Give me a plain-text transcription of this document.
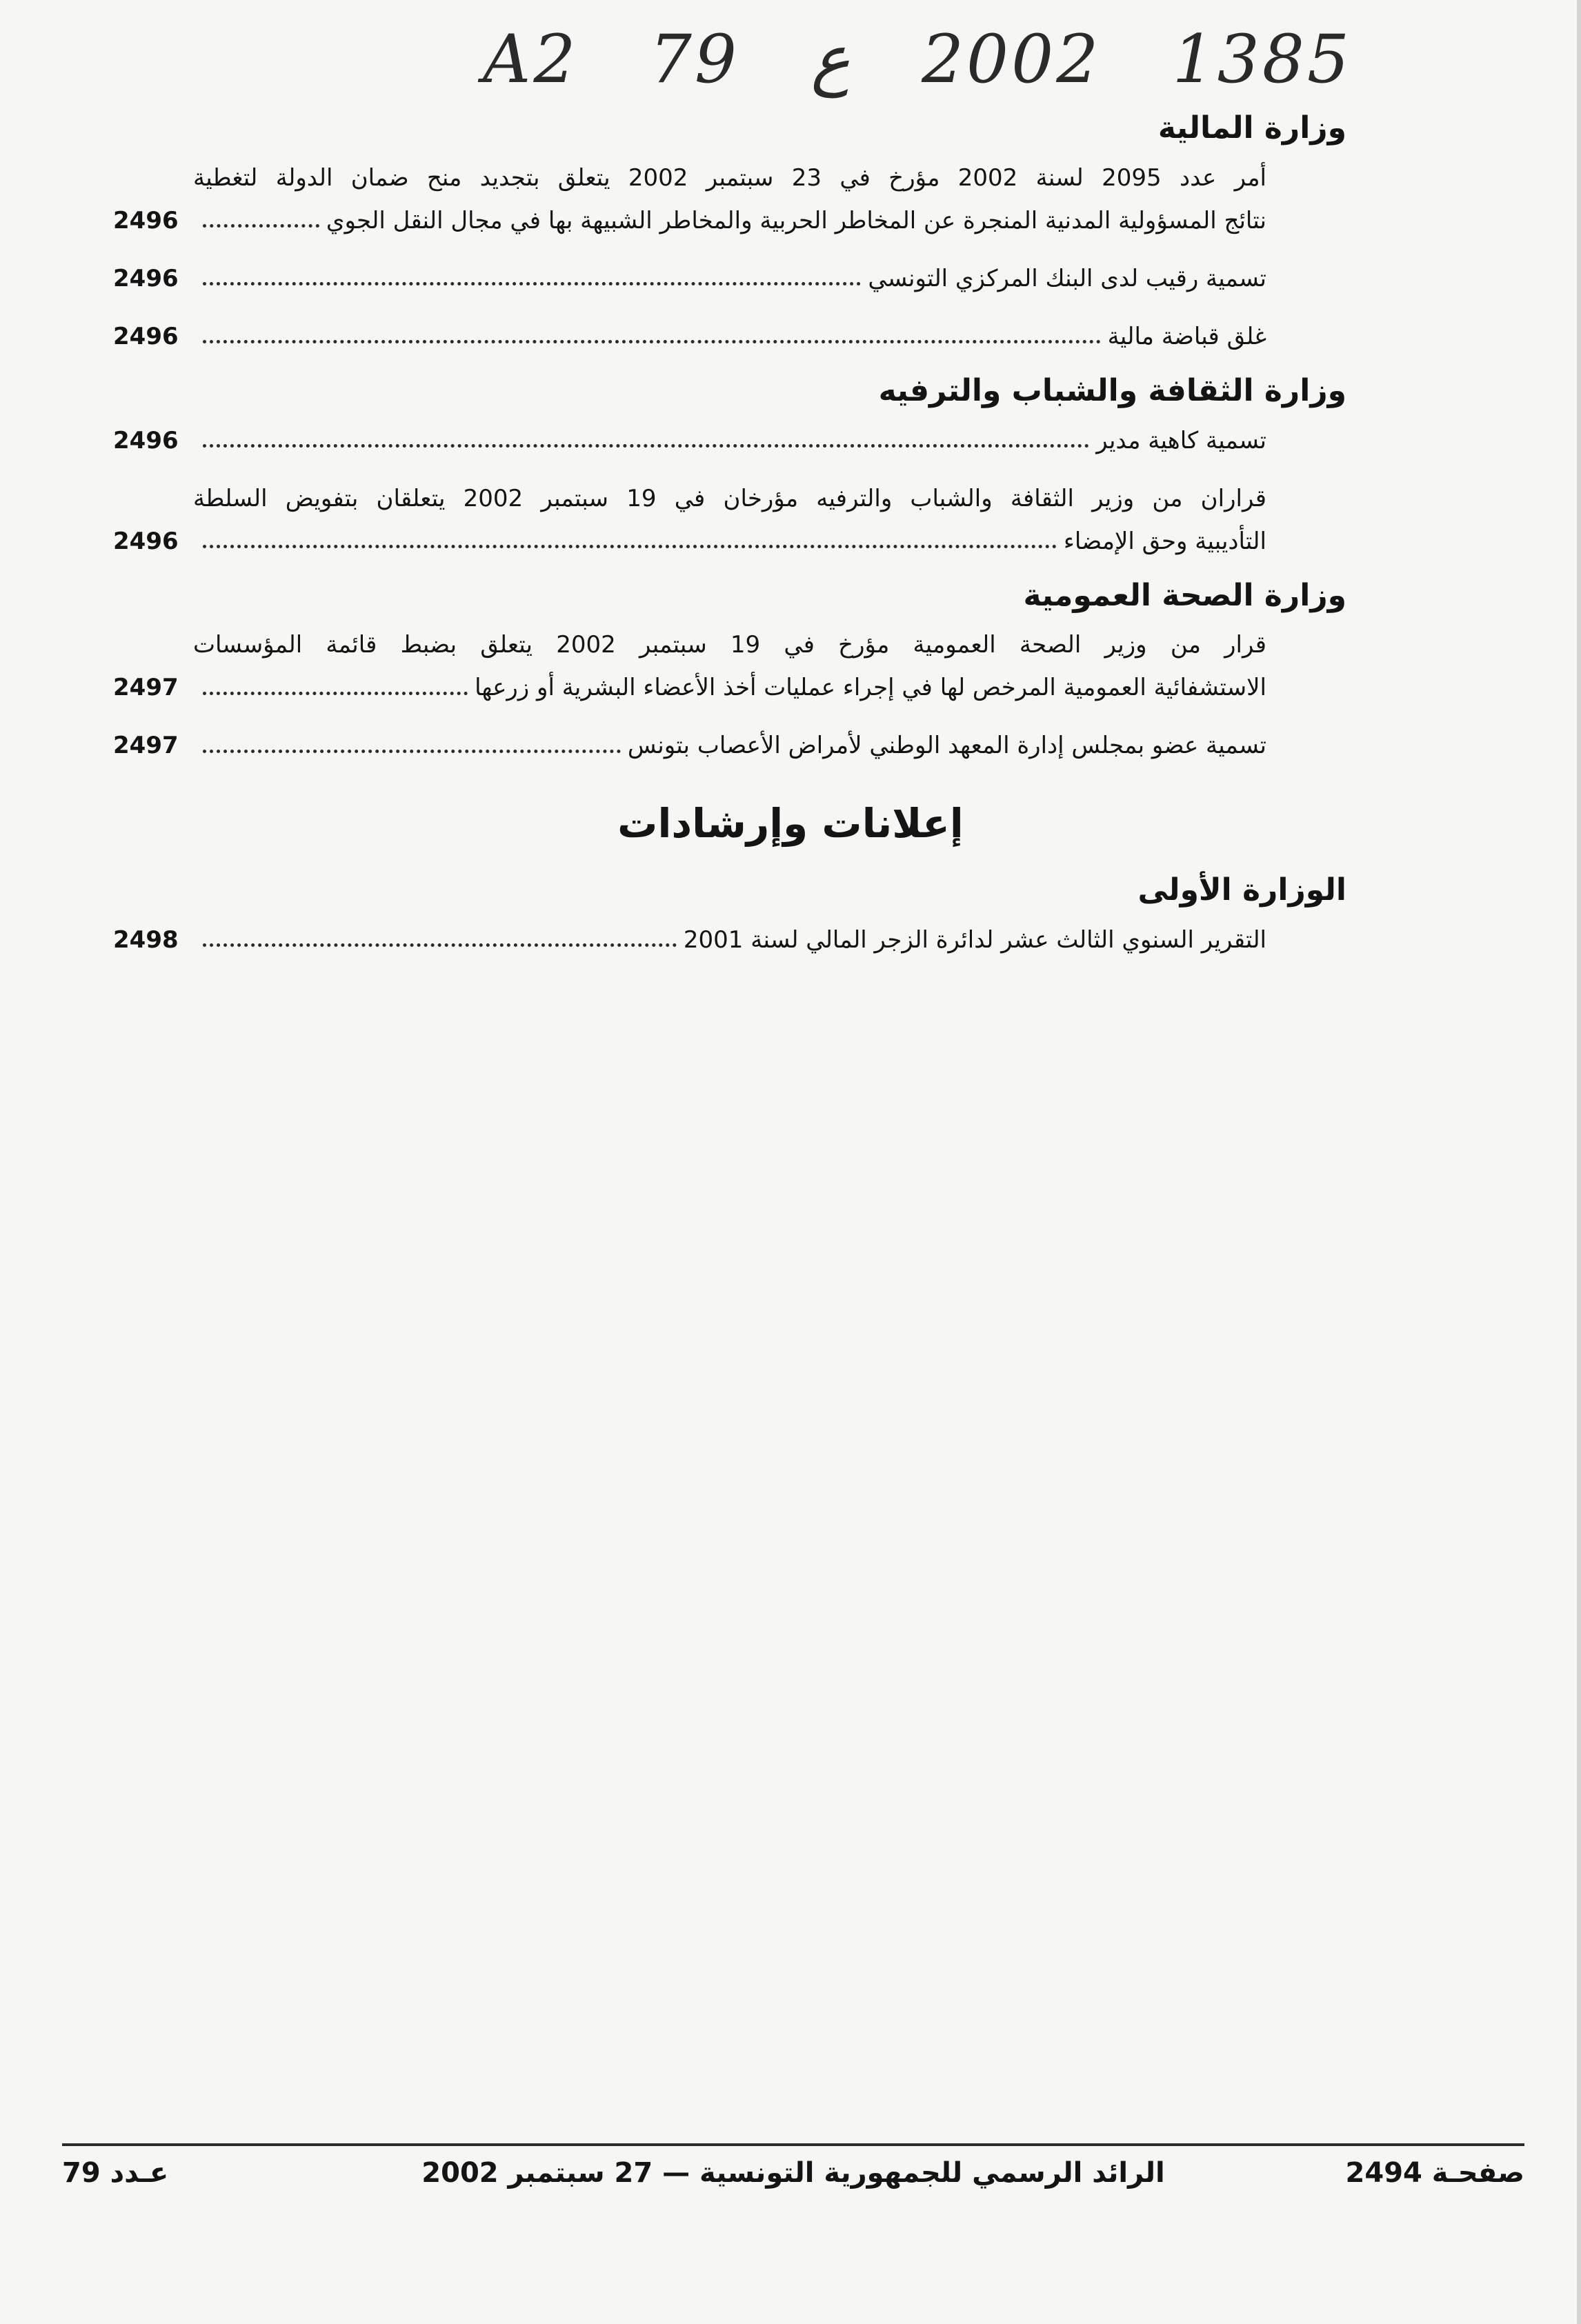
A2 79 ع 2002 1385
وزارة المالية

أمر عدد 2095 لسنة 2002 مؤرخ في 23 سبتمبر 2002 يتعلق بتجديد منح ضمان الدولة لتغطية

نتائج المسؤولية المدنية المنجرة عن المخاطر الحربية والمخاطر الشبيهة بها في مجال النقل الجوي
2496
تسمية رقيب لدى البنك المركزي التونسي
2496
غلق قباضة مالية
2496
وزارة الثقافة والشباب والترفيه
تسمية كاهية مدير
2496

قراران من وزير الثقافة والشباب والترفيه مؤرخان في 19 سبتمبر 2002 يتعلقان بتفويض السلطة

التأديبية وحق الإمضاء
2496
وزارة الصحة العمومية

قرار من وزير الصحة العمومية مؤرخ في 19 سبتمبر 2002 يتعلق بضبط قائمة المؤسسات

الاستشفائية العمومية المرخص لها في إجراء عمليات أخذ الأعضاء البشرية أو زرعها
2497
تسمية عضو بمجلس إدارة المعهد الوطني لأمراض الأعصاب بتونس
2497
إعلانات وإرشادات
الوزارة الأولى
التقرير السنوي الثالث عشر لدائرة الزجر المالي لسنة 2001
2498
عـدد 79	الرائد الرسمي للجمهورية التونسية — 27 سبتمبر 2002	صفحـة 2494
